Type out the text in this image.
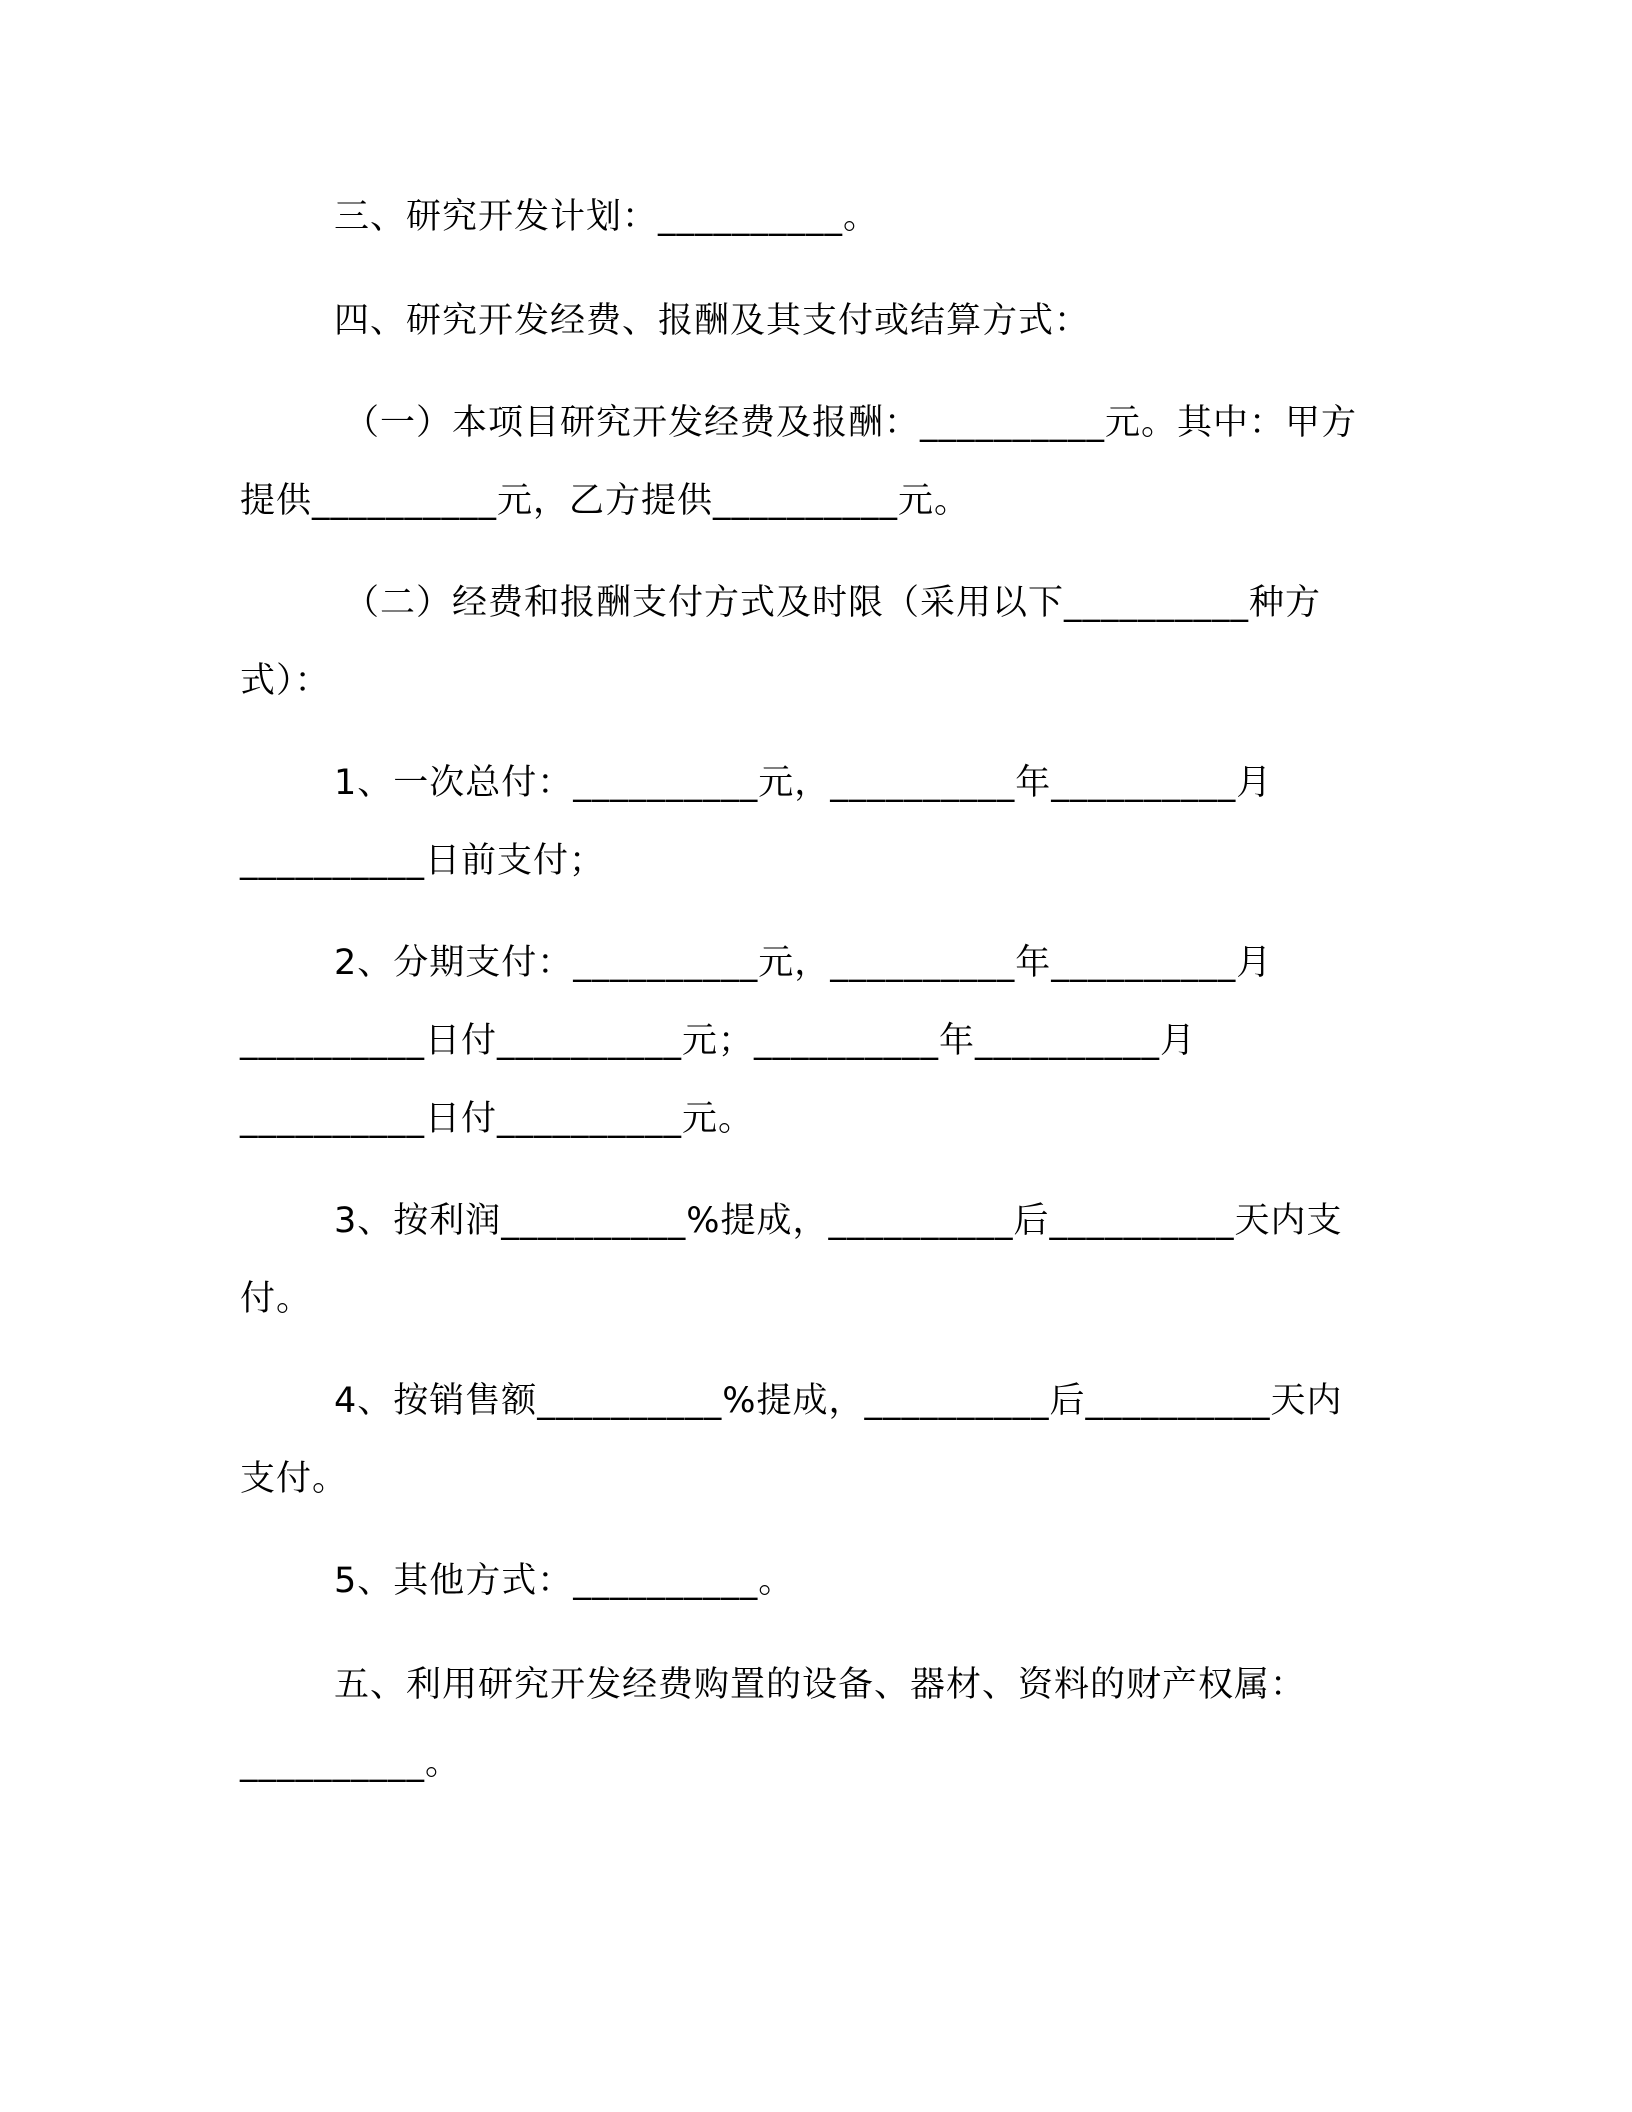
三、研究开发计划：__________。
四、研究开发经费、报酬及其支付或结算方式：
（一）本项目研究开发经费及报酬：__________元。其中：甲方
提供__________元，乙方提供__________元。
（二）经费和报酬支付方式及时限（采用以下__________种方
式）：
1、一次总付：__________元，__________年__________月
__________日前支付；
2、分期支付：__________元，__________年__________月
__________日付__________元；__________年__________月
__________日付__________元。
3、按利润__________%提成，__________后__________天内支
付。
4、按销售额__________%提成，__________后__________天内
支付。
5、其他方式：__________。
五、利用研究开发经费购置的设备、器材、资料的财产权属：
__________。
